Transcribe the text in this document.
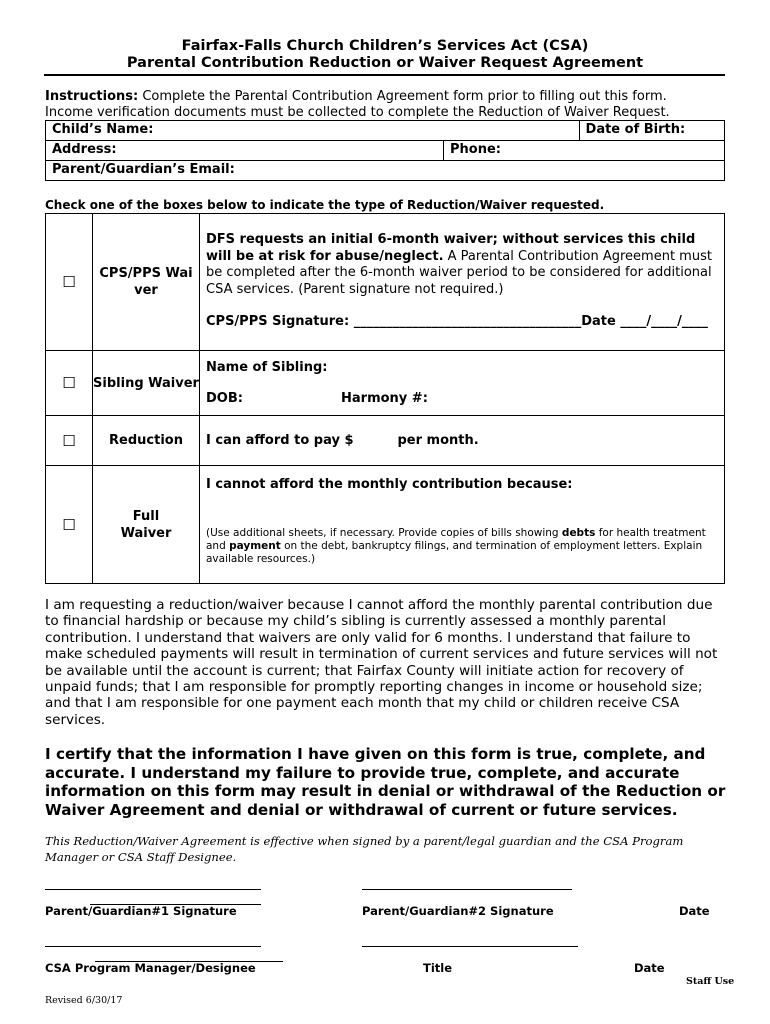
Fairfax-Falls Church Children’s Services Act (CSA)
Parental Contribution Reduction or Waiver Request Agreement
Instructions: Complete the Parental Contribution Agreement form prior to filling out this form.
Income verification documents must be collected to complete the Reduction of Waiver Request.
Child’s Name:		Date of Birth:
Address:	Phone:	
Parent/Guardian’s Email:		
Check one of the boxes below to indicate the type of Reduction/Waiver requested.
☐	CPS/PPS Waiver	DFS requests an initial 6-month waiver; without services this child will be at risk for abuse/neglect. A Parental Contribution Agreement must be completed after the 6-month waiver period to be considered for additional CSA services. (Parent signature not required.)
CPS/PPS Signature: ___________________________________Date ____/____/____

☐	Sibling Waiver	Name of Sibling:
DOB: Harmony #:

☐	Reduction	I can afford to pay $ per month.
☐	Full Waiver	I cannot afford the monthly contribution because:
(Use additional sheets, if necessary. Provide copies of bills showing debts for health treatment and payment on the debt, bankruptcy filings, and termination of employment letters. Explain available resources.)
I am requesting a reduction/waiver because I cannot afford the monthly parental contribution due to financial hardship or because my child’s sibling is currently assessed a monthly parental contribution. I understand that waivers are only valid for 6 months. I understand that failure to make scheduled payments will result in termination of current services and future services will not be available until the account is current; that Fairfax County will initiate action for recovery of unpaid funds; that I am responsible for promptly reporting changes in income or household size; and that I am responsible for one payment each month that my child or children receive CSA services.
I certify that the information I have given on this form is true, complete, and accurate. I understand my failure to provide true, complete, and accurate information on this form may result in denial or withdrawal of the Reduction or Waiver Agreement and denial or withdrawal of current or future services.
This Reduction/Waiver Agreement is effective when signed by a parent/legal guardian and the CSA Program Manager or CSA Staff Designee.
Parent/Guardian#1 Signature	Parent/Guardian#2 Signature	Date
CSA Program Manager/Designee	Title	Date
Staff Use
Revised 6/30/17
